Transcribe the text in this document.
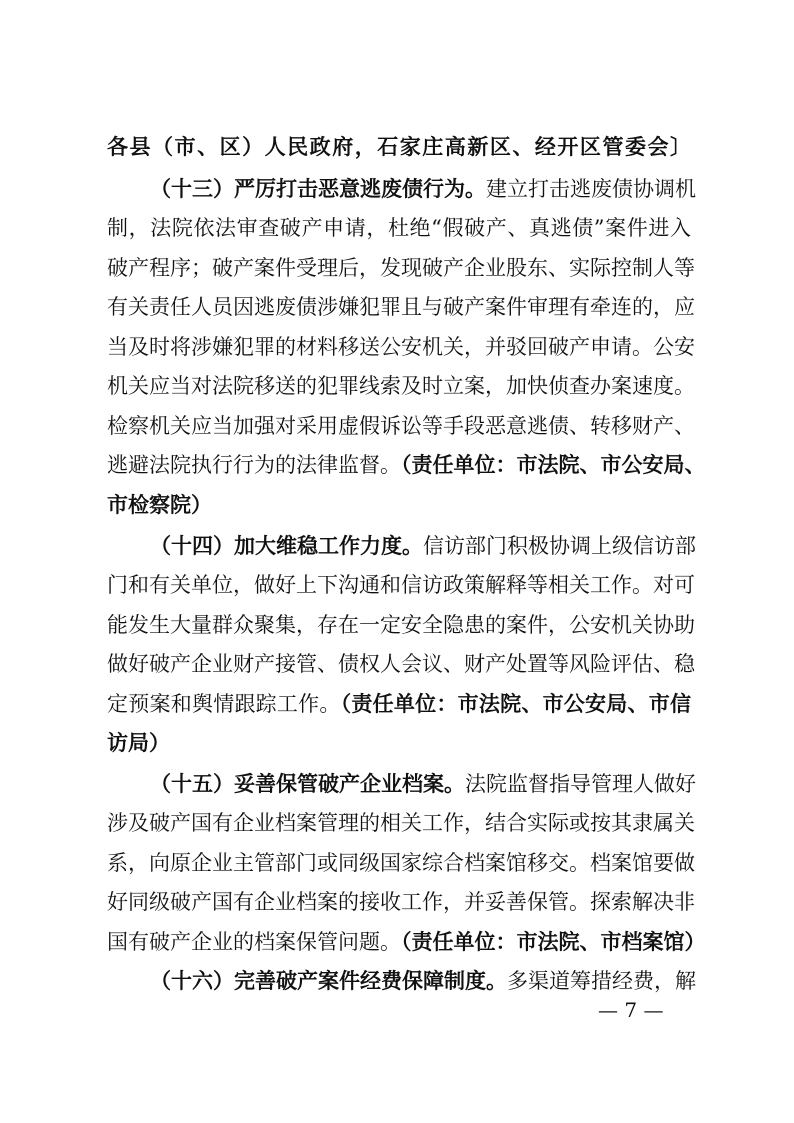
各县（市、区）人民政府，石家庄高新区、经开区管委会〕
（十三）严厉打击恶意逃废债行为。建立打击逃废债协调机
制，法院依法审查破产申请，杜绝“假破产、真逃债”案件进入
破产程序；破产案件受理后，发现破产企业股东、实际控制人等
有关责任人员因逃废债涉嫌犯罪且与破产案件审理有牵连的，应
当及时将涉嫌犯罪的材料移送公安机关，并驳回破产申请。公安
机关应当对法院移送的犯罪线索及时立案，加快侦查办案速度。
检察机关应当加强对采用虚假诉讼等手段恶意逃债、转移财产、
逃避法院执行行为的法律监督。（责任单位：市法院、市公安局、
市检察院）
（十四）加大维稳工作力度。信访部门积极协调上级信访部
门和有关单位，做好上下沟通和信访政策解释等相关工作。对可
能发生大量群众聚集，存在一定安全隐患的案件，公安机关协助
做好破产企业财产接管、债权人会议、财产处置等风险评估、稳
定预案和舆情跟踪工作。（责任单位：市法院、市公安局、市信
访局）
（十五）妥善保管破产企业档案。法院监督指导管理人做好
涉及破产国有企业档案管理的相关工作，结合实际或按其隶属关
系，向原企业主管部门或同级国家综合档案馆移交。档案馆要做
好同级破产国有企业档案的接收工作，并妥善保管。探索解决非
国有破产企业的档案保管问题。（责任单位：市法院、市档案馆）
（十六）完善破产案件经费保障制度。多渠道筹措经费，解
— 7 —
